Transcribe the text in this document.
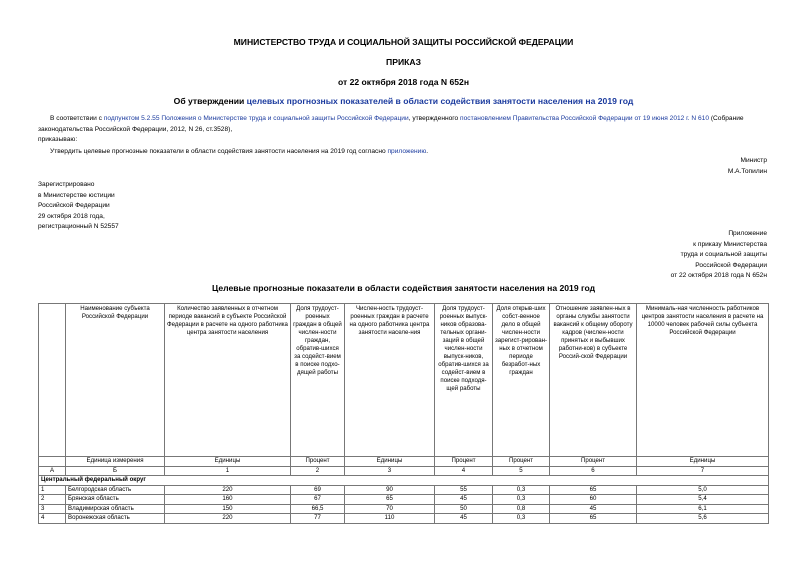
МИНИСТЕРСТВО ТРУДА И СОЦИАЛЬНОЙ ЗАЩИТЫ РОССИЙСКОЙ ФЕДЕРАЦИИ
ПРИКАЗ
от 22 октября 2018 года N 652н
Об утверждении целевых прогнозных показателей в области содействия занятости населения на 2019 год
В соответствии с подпунктом 5.2.55 Положения о Министерстве труда и социальной защиты Российской Федерации, утвержденного постановлением Правительства Российской Федерации от 19 июня 2012 г. N 610 (Собрание законодательства Российской Федерации, 2012, N 26, ст.3528),
приказываю:
Утвердить целевые прогнозные показатели в области содействия занятости населения на 2019 год согласно приложению.
Министр
М.А.Топилин
Зарегистрировано
в Министерстве юстиции
Российской Федерации
29 октября 2018 года,
регистрационный N 52557
Приложение
к приказу Министерства
труда и социальной защиты
Российской Федерации
от 22 октября 2018 года N 652н
Целевые прогнозные показатели в области содействия занятости населения на 2019 год
	Наименование субъекта Российской Федерации	Количество заявленных в отчетном периоде вакансий в субъекте Российской Федерации в расчете на одного работника центра занятости населения	Доля трудоуст-роенных граждан в общей числен-ности граждан, обратив-шихся за содейст-вием в поиске подхо-дящей работы	Числен-ность трудоуст-роенных граждан в расчете на одного работника центра занятости населе-ния	Доля трудоуст-роенных выпуск-ников образова-тельных органи-заций в общей числен-ности выпуск-ников, обратив-шихся за содейст-вием в поиске подходя-щей работы	Доля открыв-ших собст-венное дело в общей числен-ности зарегист-рирован-ных в отчетном периоде безработ-ных граждан	Отношение заявлен-ных в органы службы занятости вакансий к общему обороту кадров (числен-ности принятых и выбывших работни-ков) в субъекте Россий-ской Федерации	Минималь-ная численность работников центров занятости населения в расчете на 10000 человек рабочей силы субъекта Российской Федерации
	Единица измерения	Единицы	Процент	Единицы	Процент	Процент	Процент	Единицы
А	Б	1	2	3	4	5	6	7
Центральный федеральный округ								
1	Белгородская область	220	69	90	55	0,3	65	5,0
2	Брянская область	160	67	65	45	0,3	60	5,4
3	Владимирская область	150	66,5	70	50	0,8	45	6,1
4	Воронежская область	220	77	110	45	0,3	65	5,6
